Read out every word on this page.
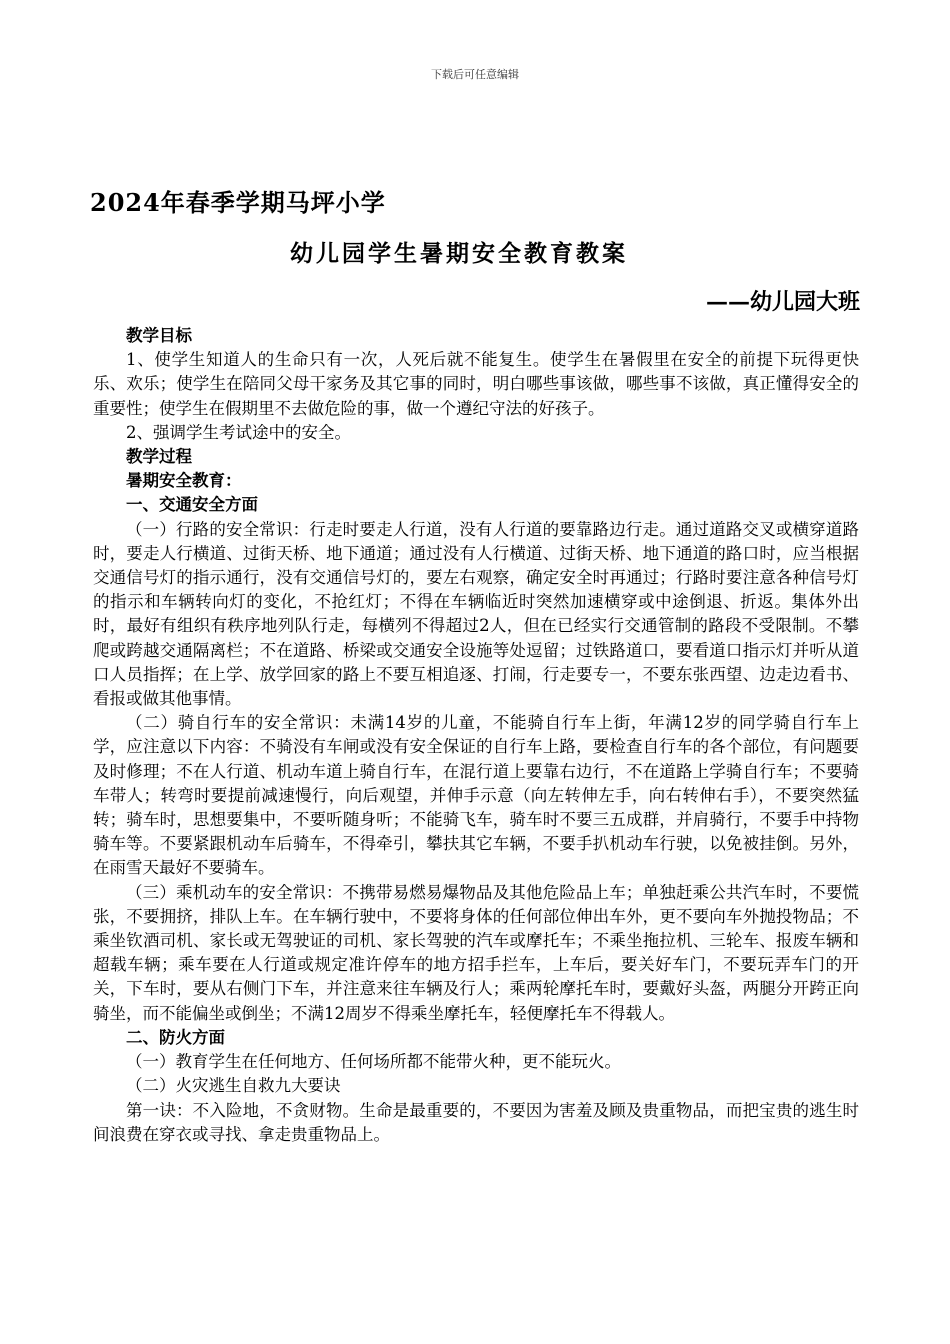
下载后可任意编辑
2024年春季学期马坪小学
幼儿园学生暑期安全教育教案
——幼儿园大班

教学目标

1、使学生知道人的生命只有一次，人死后就不能复生。使学生在暑假里在安全的前提下玩得更快乐、欢乐；使学生在陪同父母干家务及其它事的同时，明白哪些事该做，哪些事不该做，真正懂得安全的重要性；使学生在假期里不去做危险的事，做一个遵纪守法的好孩子。

2、强调学生考试途中的安全。

教学过程

暑期安全教育：

一、交通安全方面

（一）行路的安全常识：行走时要走人行道，没有人行道的要靠路边行走。通过道路交叉或横穿道路时，要走人行横道、过街天桥、地下通道；通过没有人行横道、过街天桥、地下通道的路口时，应当根据交通信号灯的指示通行，没有交通信号灯的，要左右观察，确定安全时再通过；行路时要注意各种信号灯的指示和车辆转向灯的变化，不抢红灯；不得在车辆临近时突然加速横穿或中途倒退、折返。集体外出时，最好有组织有秩序地列队行走，每横列不得超过2人，但在已经实行交通管制的路段不受限制。不攀爬或跨越交通隔离栏；不在道路、桥梁或交通安全设施等处逗留；过铁路道口，要看道口指示灯并听从道口人员指挥；在上学、放学回家的路上不要互相追逐、打闹，行走要专一，不要东张西望、边走边看书、看报或做其他事情。

（二）骑自行车的安全常识：未满14岁的儿童，不能骑自行车上街，年满12岁的同学骑自行车上学，应注意以下内容：不骑没有车闸或没有安全保证的自行车上路，要检查自行车的各个部位，有问题要及时修理；不在人行道、机动车道上骑自行车，在混行道上要靠右边行，不在道路上学骑自行车；不要骑车带人；转弯时要提前减速慢行，向后观望，并伸手示意（向左转伸左手，向右转伸右手），不要突然猛转；骑车时，思想要集中，不要听随身听；不能骑飞车，骑车时不要三五成群，并肩骑行，不要手中持物骑车等。不要紧跟机动车后骑车，不得牵引，攀扶其它车辆，不要手扒机动车行驶，以免被挂倒。另外，在雨雪天最好不要骑车。

（三）乘机动车的安全常识：不携带易燃易爆物品及其他危险品上车；单独赶乘公共汽车时，不要慌张，不要拥挤，排队上车。在车辆行驶中，不要将身体的任何部位伸出车外，更不要向车外抛投物品；不乘坐钦酒司机、家长或无驾驶证的司机、家长驾驶的汽车或摩托车；不乘坐拖拉机、三轮车、报废车辆和超载车辆；乘车要在人行道或规定准许停车的地方招手拦车，上车后，要关好车门，不要玩弄车门的开关，下车时，要从右侧门下车，并注意来往车辆及行人；乘两轮摩托车时，要戴好头盔，两腿分开跨正向骑坐，而不能偏坐或倒坐；不满12周岁不得乘坐摩托车，轻便摩托车不得载人。

二、防火方面

（一）教育学生在任何地方、任何场所都不能带火种，更不能玩火。

（二）火灾逃生自救九大要诀

第一诀：不入险地，不贪财物。生命是最重要的，不要因为害羞及顾及贵重物品，而把宝贵的逃生时间浪费在穿衣或寻找、拿走贵重物品上。
